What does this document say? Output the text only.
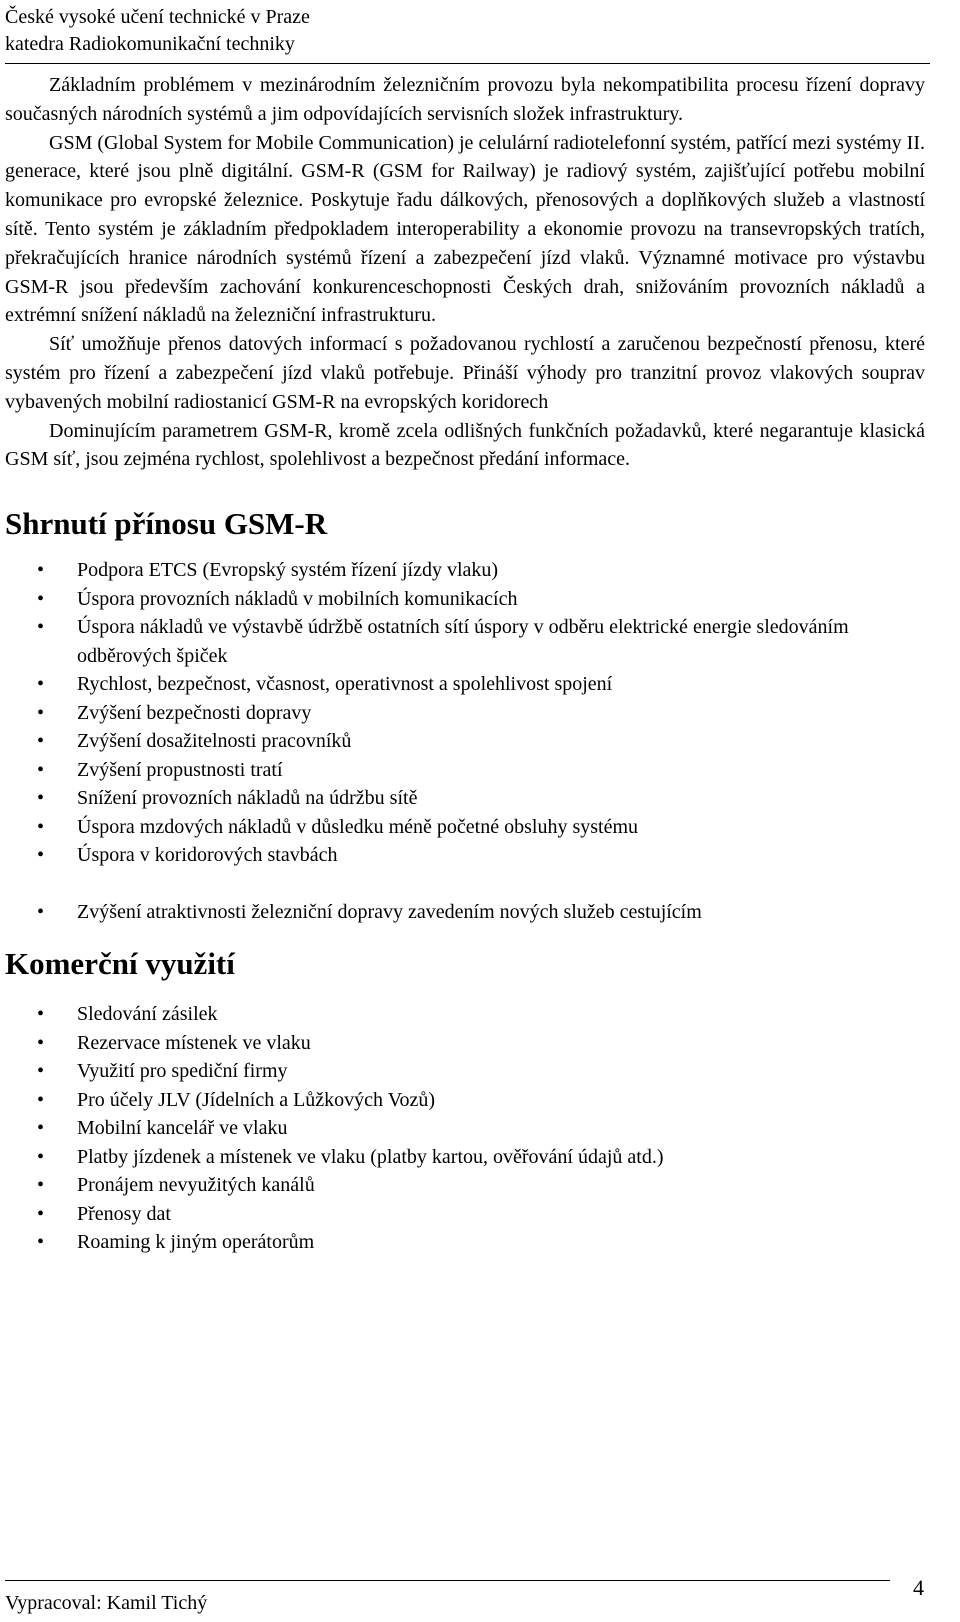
České vysoké učení technické v Praze
katedra Radiokomunikační techniky

Základním problémem v mezinárodním železničním provozu byla nekompatibilita procesu řízení dopravy současných národních systémů a jim odpovídajících servisních složek infrastruktury.

GSM (Global System for Mobile Communication) je celulární radiotelefonní systém, patřící mezi systémy II. generace, které jsou plně digitální. GSM-R (GSM for Railway) je radiový systém, zajišťující potřebu mobilní komunikace pro evropské železnice. Poskytuje řadu dálkových, přenosových a doplňkových služeb a vlastností sítě. Tento systém je základním předpokladem interoperability a ekonomie provozu na transevropských tratích, překračujících hranice národních systémů řízení a zabezpečení jízd vlaků. Významné motivace pro výstavbu GSM-R jsou především zachování konkurenceschopnosti Českých drah, snižováním provozních nákladů a extrémní snížení nákladů na železniční infrastrukturu.

Síť umožňuje přenos datových informací s požadovanou rychlostí a zaručenou bezpečností přenosu, které systém pro řízení a zabezpečení jízd vlaků potřebuje. Přináší výhody pro tranzitní provoz vlakových souprav vybavených mobilní radiostanicí GSM-R na evropských koridorech

Dominujícím parametrem GSM-R, kromě zcela odlišných funkčních požadavků, které negarantuje klasická GSM síť, jsou zejména rychlost, spolehlivost a bezpečnost předání informace.

Shrnutí přínosu GSM-R
• Podpora ETCS (Evropský systém řízení jízdy vlaku)
• Úspora provozních nákladů v mobilních komunikacích
• Úspora nákladů ve výstavbě údržbě ostatních sítí úspory v odběru elektrické energie sledováním odběrových špiček
• Rychlost, bezpečnost, včasnost, operativnost a spolehlivost spojení
• Zvýšení bezpečnosti dopravy
• Zvýšení dosažitelnosti pracovníků
• Zvýšení propustnosti tratí
• Snížení provozních nákladů na údržbu sítě
• Úspora mzdových nákladů v důsledku méně početné obsluhy systému
• Úspora v koridorových stavbách
• Zvýšení atraktivnosti železniční dopravy zavedením nových služeb cestujícím
Komerční využití
• Sledování zásilek
• Rezervace místenek ve vlaku
• Využití pro spediční firmy
• Pro účely JLV (Jídelních a Lůžkových Vozů)
• Mobilní kancelář ve vlaku
• Platby jízdenek a místenek ve vlaku (platby kartou, ověřování údajů atd.)
• Pronájem nevyužitých kanálů
• Přenosy dat
• Roaming k jiným operátorům
Vypracoval: Kamil Tichý
4
